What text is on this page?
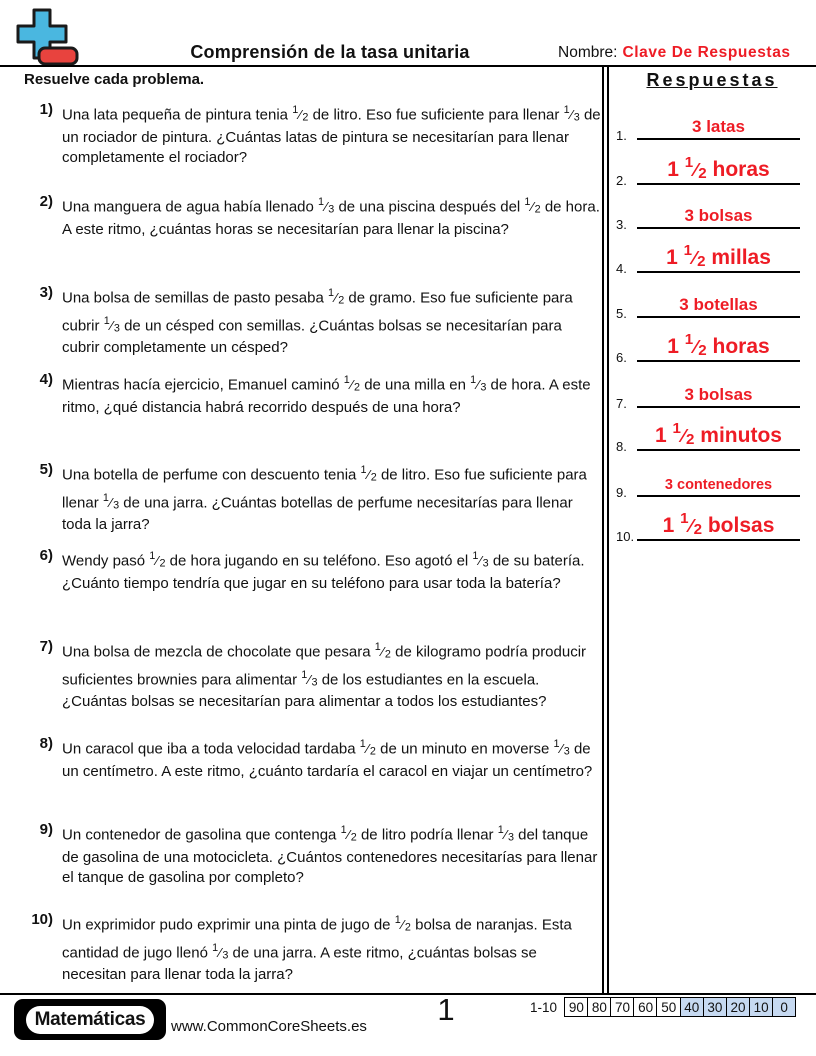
Comprensión de la tasa unitaria	Nombre: Clave De Respuestas
Resuelve cada problema.
1) Una lata pequeña de pintura tenia $^1⁄_2$ de litro. Eso fue suficiente para llenar $^1⁄_3$ de un rociador de pintura. ¿Cuántas latas de pintura se necesitarían para llenar completamente el rociador?
2) Una manguera de agua había llenado $^1⁄_3$ de una piscina después del $^1⁄_2$ de hora. A este ritmo, ¿cuántas horas se necesitarían para llenar la piscina?
3) Una bolsa de semillas de pasto pesaba $^1⁄_2$ de gramo. Eso fue suficiente para cubrir $^1⁄_3$ de un césped con semillas. ¿Cuántas bolsas se necesitarían para cubrir completamente un césped?
4) Mientras hacía ejercicio, Emanuel caminó $^1⁄_2$ de una milla en $^1⁄_3$ de hora. A este ritmo, ¿qué distancia habrá recorrido después de una hora?
5) Una botella de perfume con descuento tenia $^1⁄_2$ de litro. Eso fue suficiente para llenar $^1⁄_3$ de una jarra. ¿Cuántas botellas de perfume necesitarías para llenar toda la jarra?
6) Wendy pasó $^1⁄_2$ de hora jugando en su teléfono. Eso agotó el $^1⁄_3$ de su batería. ¿Cuánto tiempo tendría que jugar en su teléfono para usar toda la batería?
7) Una bolsa de mezcla de chocolate que pesara $^1⁄_2$ de kilogramo podría producir suficientes brownies para alimentar $^1⁄_3$ de los estudiantes en la escuela. ¿Cuántas bolsas se necesitarían para alimentar a todos los estudiantes?
8) Un caracol que iba a toda velocidad tardaba $^1⁄_2$ de un minuto en moverse $^1⁄_3$ de un centímetro. A este ritmo, ¿cuánto tardaría el caracol en viajar un centímetro?
9) Un contenedor de gasolina que contenga $^1⁄_2$ de litro podría llenar $^1⁄_3$ del tanque de gasolina de una motocicleta. ¿Cuántos contenedores necesitarías para llenar el tanque de gasolina por completo?
10) Un exprimidor pudo exprimir una pinta de jugo de $^1⁄_2$ bolsa de naranjas. Esta cantidad de jugo llenó $^1⁄_3$ de una jarra. A este ritmo, ¿cuántas bolsas se necesitan para llenar toda la jarra?
Respuestas
1.	3 latas
2.	1 $^1⁄_2$ horas
3.	3 bolsas
4.	1 $^1⁄_2$ millas
5.	3 botellas
6.	1 $^1⁄_2$ horas
7.	3 bolsas
8.	1 $^1⁄_2$ minutos
9.	3 contenedores
10.	1 $^1⁄_2$ bolsas
Matemáticas	www.CommonCoreSheets.es	1	1-10 90 80 70 60 50 40 30 20 10 0
